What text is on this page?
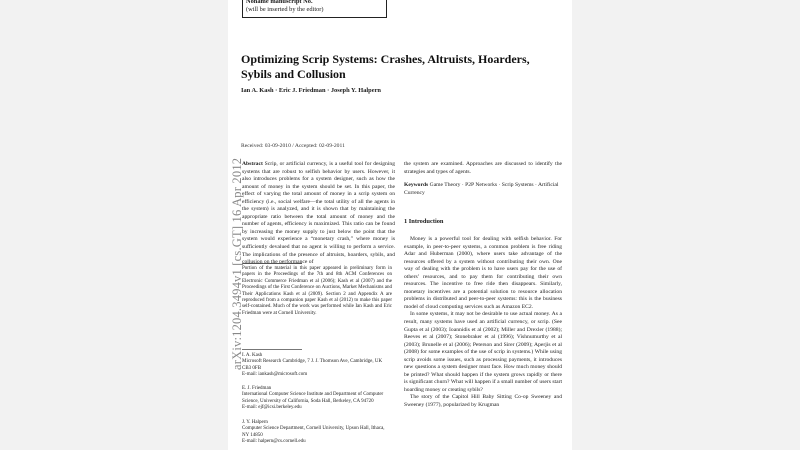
Noname manuscript No.
(will be inserted by the editor)
Optimizing Scrip Systems: Crashes, Altruists, Hoarders,
Sybils and Collusion
Ian A. Kash · Eric J. Friedman · Joseph Y. Halpern
Received: 03-09-2010 / Accepted: 02-09-2011
Abstract Scrip, or artificial currency, is a useful tool for designing systems that are robust to selfish behavior by users. However, it also introduces problems for a system designer, such as how the amount of money in the system should be set. In this paper, the effect of varying the total amount of money in a scrip system on efficiency (i.e., social welfare—the total utility of all the agents in the system) is analyzed, and it is shown that by maintaining the appropriate ratio between the total amount of money and the number of agents, efficiency is maximized. This ratio can be found by increasing the money supply to just below the point that the system would experience a “monetary crash,” where money is sufficiently devalued that no agent is willing to perform a service. The implications of the presence of altruists, hoarders, sybils, and collusion on the performance of
the system are examined. Approaches are discussed to identify the strategies and types of agents.
Keywords Game Theory · P2P Networks · Scrip Systems · Artificial Currency
1 Introduction

Money is a powerful tool for dealing with selfish behavior. For example, in peer-to-peer systems, a common problem is free riding Adar and Huberman (2000), where users take advantage of the resources offered by a system without contributing their own. One way of dealing with the problem is to have users pay for the use of others’ resources, and to pay them for contributing their own resources. The incentive to free ride then disappears. Similarly, monetary incentives are a potential solution to resource allocation problems in distributed and peer-to-peer systems: this is the business model of cloud computing services such as Amazon EC2.

In some systems, it may not be desirable to use actual money. As a result, many systems have used an artificial currency, or scrip. (See Gupta et al (2003); Ioannidis et al (2002); Miller and Drexler (1988); Reeves et al (2007); Stonebraker et al (1996); Vishnumurthy et al (2003); Brunelle et al (2006); Peterson and Sirer (2009); Aperjis et al (2008) for some examples of the use of scrip in systems.) While using scrip avoids some issues, such as processing payments, it introduces new questions a system designer must face. How much money should be printed? What should happen if the system grows rapidly or there is significant churn? What will happen if a small number of users start hoarding money or creating sybils?

The story of the Capitol Hill Baby Sitting Co-op Sweeney and Sweeney (1977), popularized by Krugman

Portion of the material in this paper appeared in preliminary form in papers in the Proceedings of the 7th and 8th ACM Conferences on Electronic Commerce Friedman et al (2006); Kash et al (2007) and the Proceedings of the First Conference on Auctions, Market Mechanisms and Their Applications Kash et al (2009). Section 2 and Appendix A are reproduced from a companion paper Kash et al (2012) to make this paper self-contained. Much of the work was performed while Ian Kash and Eric Friedman were at Cornell University.
I. A. Kash
Microsoft Research Cambridge, 7 J. J. Thomson Ave, Cambridge, UK CB3 0FB
E-mail: iankash@microsoft.com
E. J. Friedman
International Computer Science Institute and Department of Computer Science, University of California, Soda Hall, Berkeley, CA 94720
E-mail: ejf@icsi.berkeley.edu
J. Y. Halpern
Computer Science Department, Cornell University, Upson Hall, Ithaca, NY 14850
E-mail: halpern@cs.cornell.edu
arXiv:1204.3494v1 [cs.GT] 16 Apr 2012
